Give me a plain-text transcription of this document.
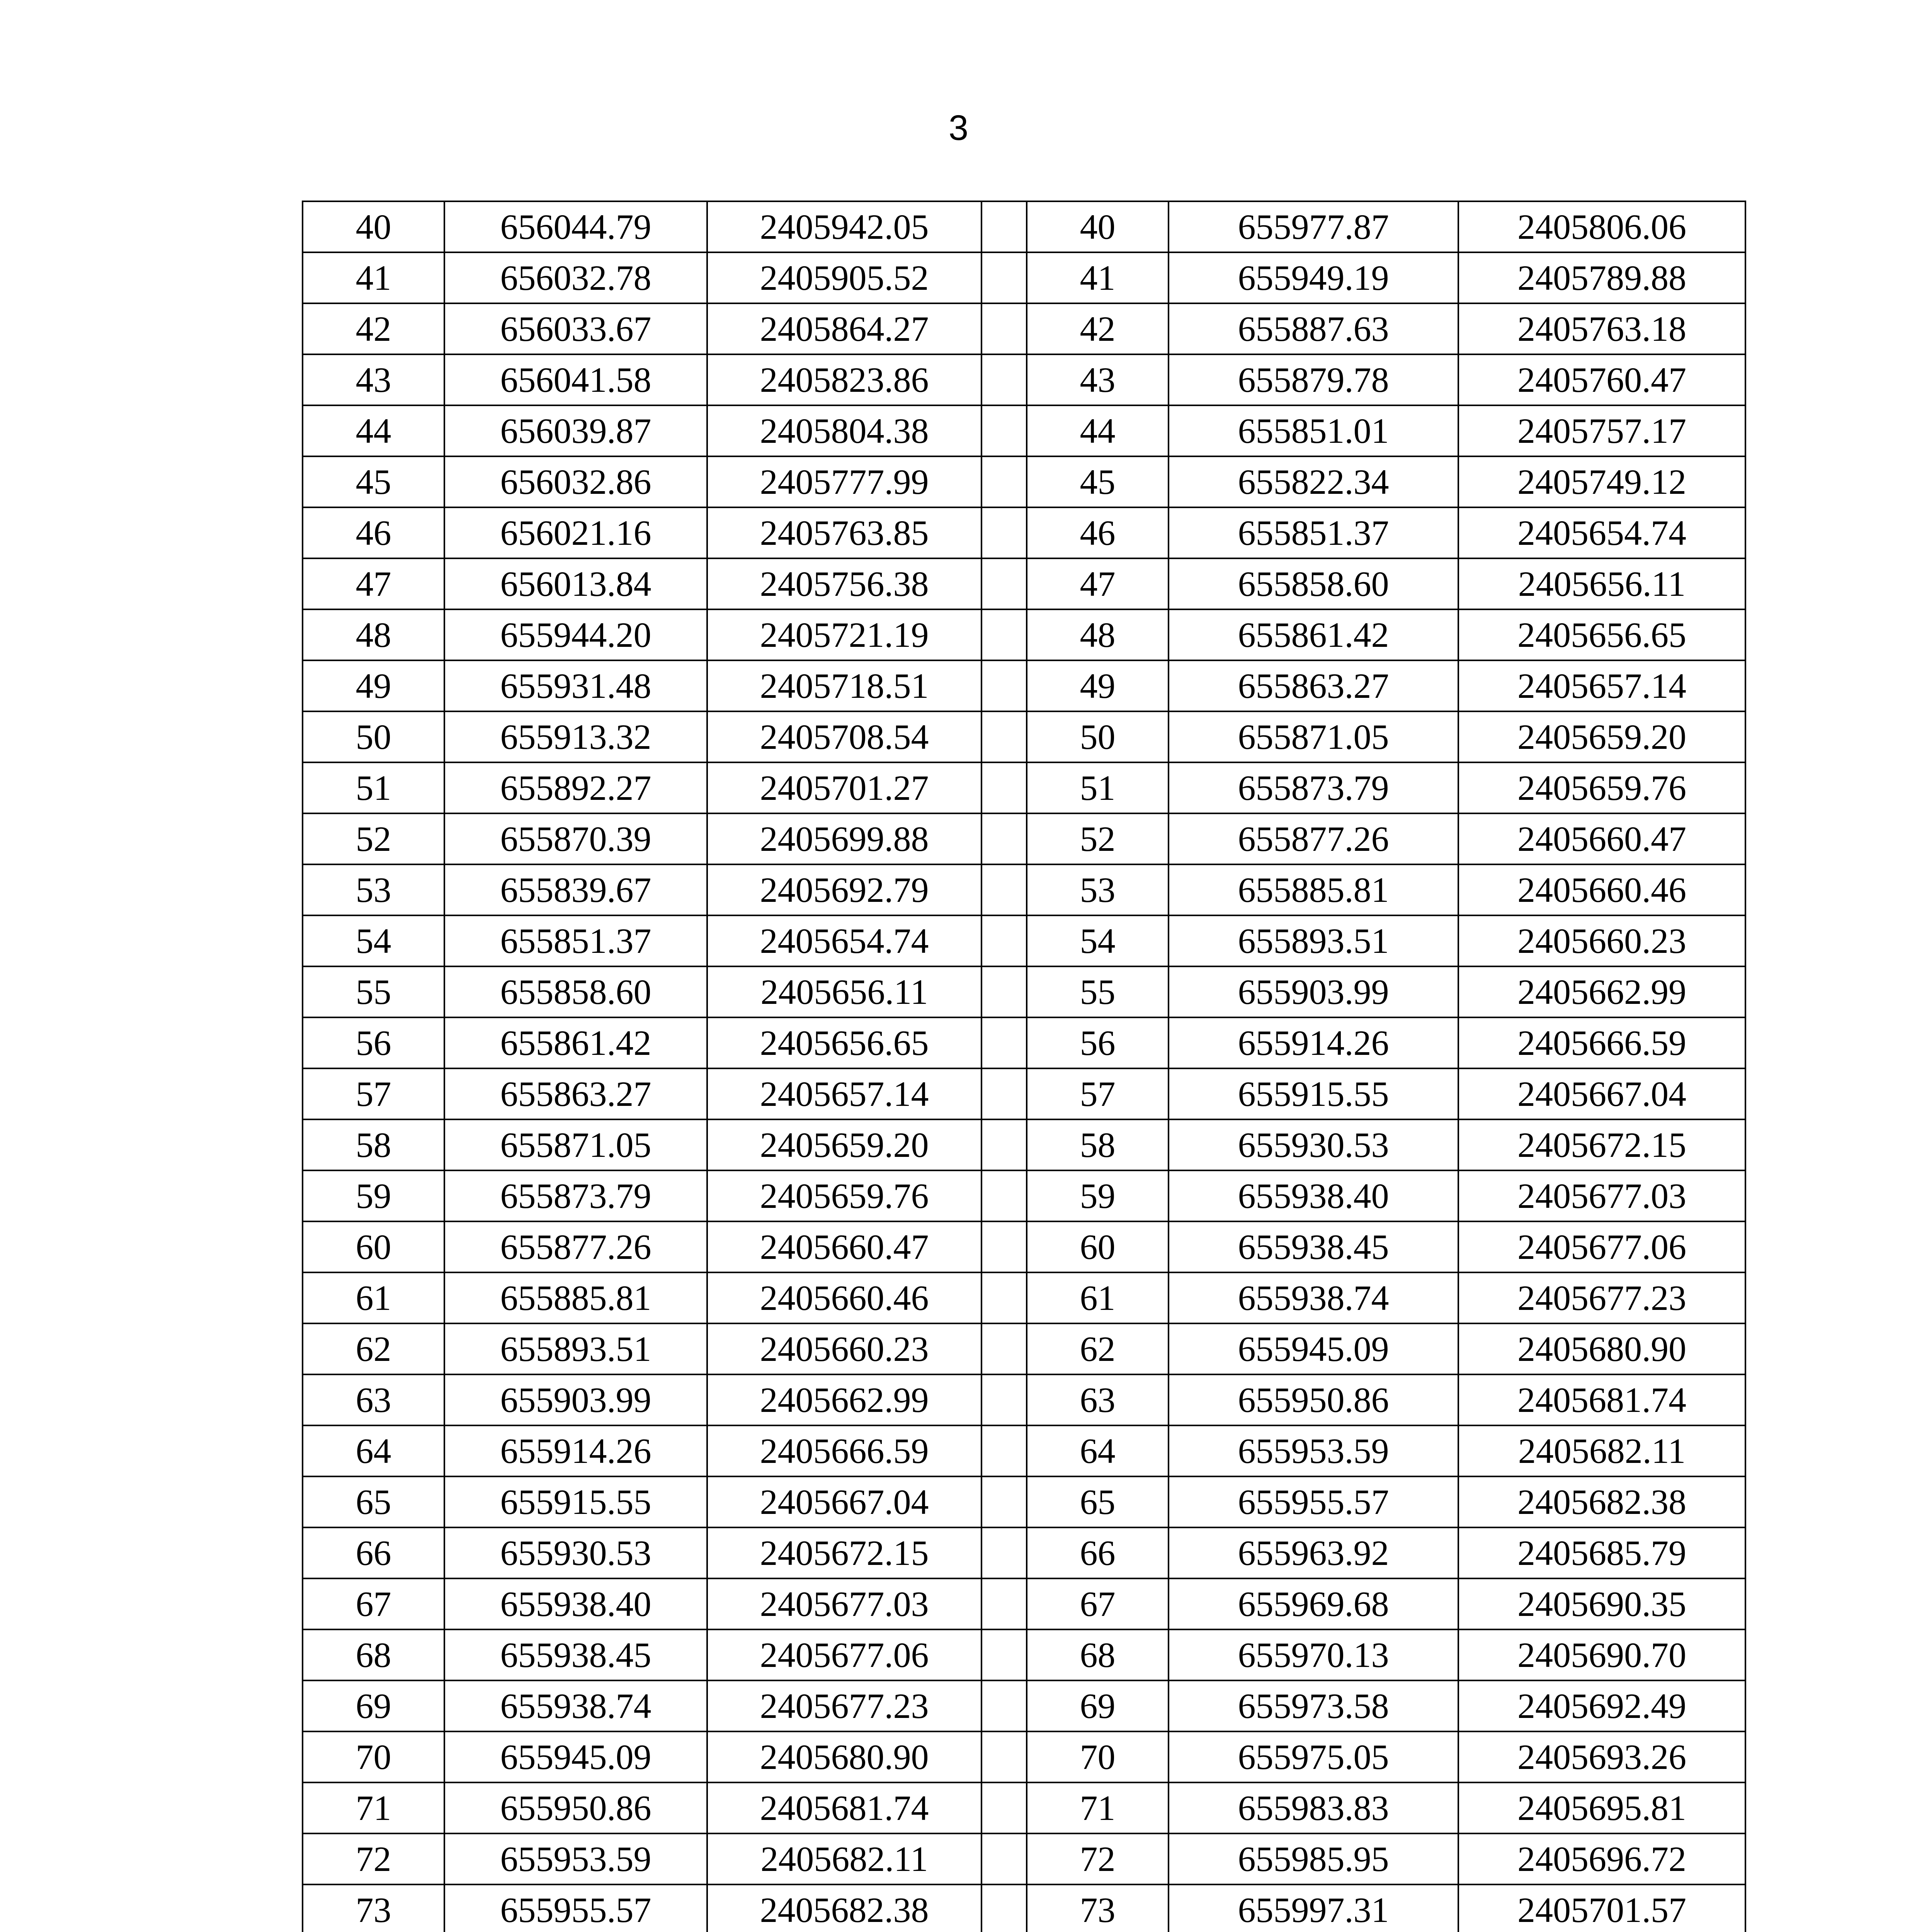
3
40	656044.79	2405942.05		40	655977.87	2405806.06
41	656032.78	2405905.52		41	655949.19	2405789.88
42	656033.67	2405864.27		42	655887.63	2405763.18
43	656041.58	2405823.86		43	655879.78	2405760.47
44	656039.87	2405804.38		44	655851.01	2405757.17
45	656032.86	2405777.99		45	655822.34	2405749.12
46	656021.16	2405763.85		46	655851.37	2405654.74
47	656013.84	2405756.38		47	655858.60	2405656.11
48	655944.20	2405721.19		48	655861.42	2405656.65
49	655931.48	2405718.51		49	655863.27	2405657.14
50	655913.32	2405708.54		50	655871.05	2405659.20
51	655892.27	2405701.27		51	655873.79	2405659.76
52	655870.39	2405699.88		52	655877.26	2405660.47
53	655839.67	2405692.79		53	655885.81	2405660.46
54	655851.37	2405654.74		54	655893.51	2405660.23
55	655858.60	2405656.11		55	655903.99	2405662.99
56	655861.42	2405656.65		56	655914.26	2405666.59
57	655863.27	2405657.14		57	655915.55	2405667.04
58	655871.05	2405659.20		58	655930.53	2405672.15
59	655873.79	2405659.76		59	655938.40	2405677.03
60	655877.26	2405660.47		60	655938.45	2405677.06
61	655885.81	2405660.46		61	655938.74	2405677.23
62	655893.51	2405660.23		62	655945.09	2405680.90
63	655903.99	2405662.99		63	655950.86	2405681.74
64	655914.26	2405666.59		64	655953.59	2405682.11
65	655915.55	2405667.04		65	655955.57	2405682.38
66	655930.53	2405672.15		66	655963.92	2405685.79
67	655938.40	2405677.03		67	655969.68	2405690.35
68	655938.45	2405677.06		68	655970.13	2405690.70
69	655938.74	2405677.23		69	655973.58	2405692.49
70	655945.09	2405680.90		70	655975.05	2405693.26
71	655950.86	2405681.74		71	655983.83	2405695.81
72	655953.59	2405682.11		72	655985.95	2405696.72
73	655955.57	2405682.38		73	655997.31	2405701.57
